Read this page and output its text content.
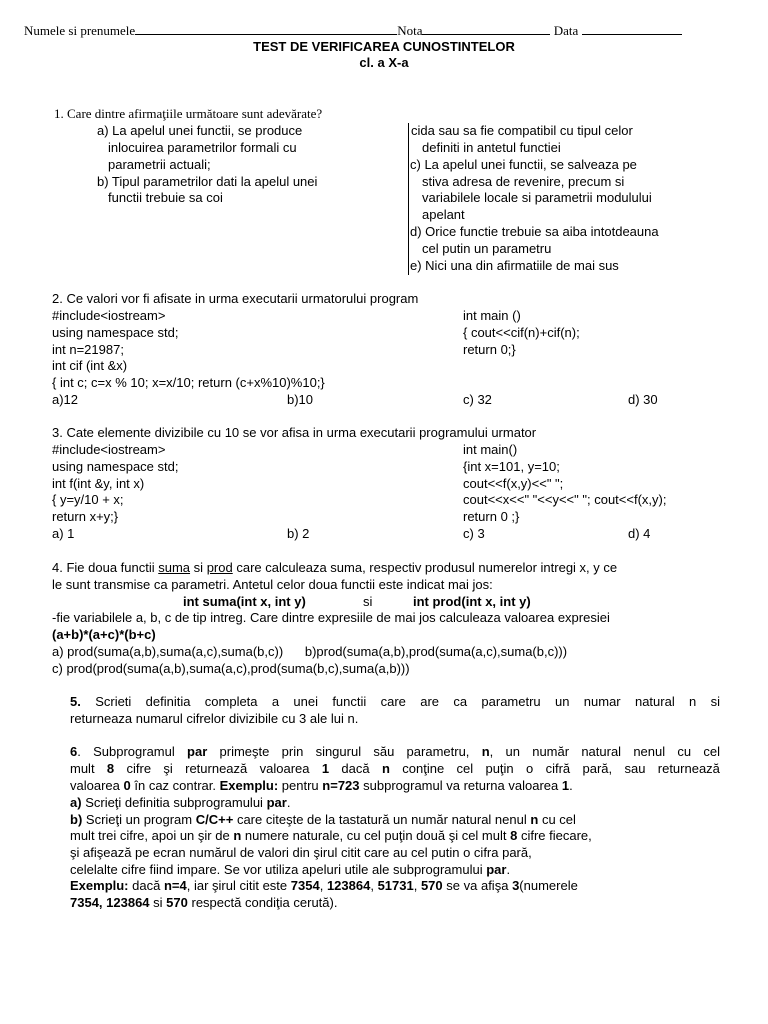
Numele si prenumele	Nota	Data
TEST DE VERIFICAREA CUNOSTINTELOR
cl. a X-a
1. Care dintre afirmaţiile următoare sunt adevărate?
a) La apelul unei functii, se produce
inlocuirea parametrilor formali cu
parametrii actuali;
b) Tipul parametrilor dati la apelul unei
functii trebuie sa coi
cida sau sa fie compatibil cu tipul celor
definiti in antetul functiei
c) La apelul unei functii, se salveaza pe
stiva adresa de revenire, precum si
variabilele locale si parametrii modulului
apelant
d) Orice functie trebuie sa aiba intotdeauna
cel putin un parametru
e) Nici una din afirmatiile de mai sus
2. Ce valori vor fi afisate in urma executarii urmatorului program
#include<iostream>
using namespace std;
int n=21987;
int cif (int &x)
{ int c; c=x % 10; x=x/10; return (c+x%10)%10;}
int main ()
{ cout<<cif(n)+cif(n);
return 0;}
a)12	b)10	c) 32	d) 30
3. Cate elemente divizibile cu 10 se vor afisa in urma executarii programului urmator
#include<iostream>
using namespace std;
int f(int &y, int x)
{ y=y/10 + x;
return x+y;}
int main()
{int x=101, y=10;
cout<<f(x,y)<<" ";
cout<<x<<" "<<y<<" "; cout<<f(x,y);
return 0 ;}
a) 1	b) 2	c) 3	d) 4
4. Fie doua functii suma si prod care calculeaza suma, respectiv produsul numerelor intregi x, y ce
le sunt transmise ca parametri. Antetul celor doua functii este indicat mai jos:
int suma(int x, int y)	si	int prod(int x, int y)
-fie variabilele a, b, c de tip intreg. Care dintre expresiile de mai jos calculeaza valoarea expresiei
(a+b)*(a+c)*(b+c)
a) prod(suma(a,b),suma(a,c),suma(b,c)) b)prod(suma(a,b),prod(suma(a,c),suma(b,c)))
c) prod(prod(suma(a,b),suma(a,c),prod(suma(b,c),suma(a,b)))
5. Scrieti definitia completa a unei functii care are ca parametru un numar natural n si
returneaza numarul cifrelor divizibile cu 3 ale lui n.
6. Subprogramul par primeşte prin singurul său parametru, n, un număr natural nenul cu cel
mult 8 cifre şi returnează valoarea 1 dacă n conţine cel puţin o cifră pară, sau returnează
valoarea 0 în caz contrar. Exemplu: pentru n=723 subprogramul va returna valoarea 1.
a) Scrieţi definitia subprogramului par.
b) Scrieţi un program C/C++ care citeşte de la tastatură un număr natural nenul n cu cel
mult trei cifre, apoi un şir de n numere naturale, cu cel puţin două şi cel mult 8 cifre fiecare,
şi afişează pe ecran numărul de valori din şirul citit care au cel putin o cifra pară,
celelalte cifre fiind impare. Se vor utiliza apeluri utile ale subprogramului par.
Exemplu: dacă n=4, iar şirul citit este 7354, 123864, 51731, 570 se va afişa 3(numerele
7354, 123864 si 570 respectă condiţia cerută).
